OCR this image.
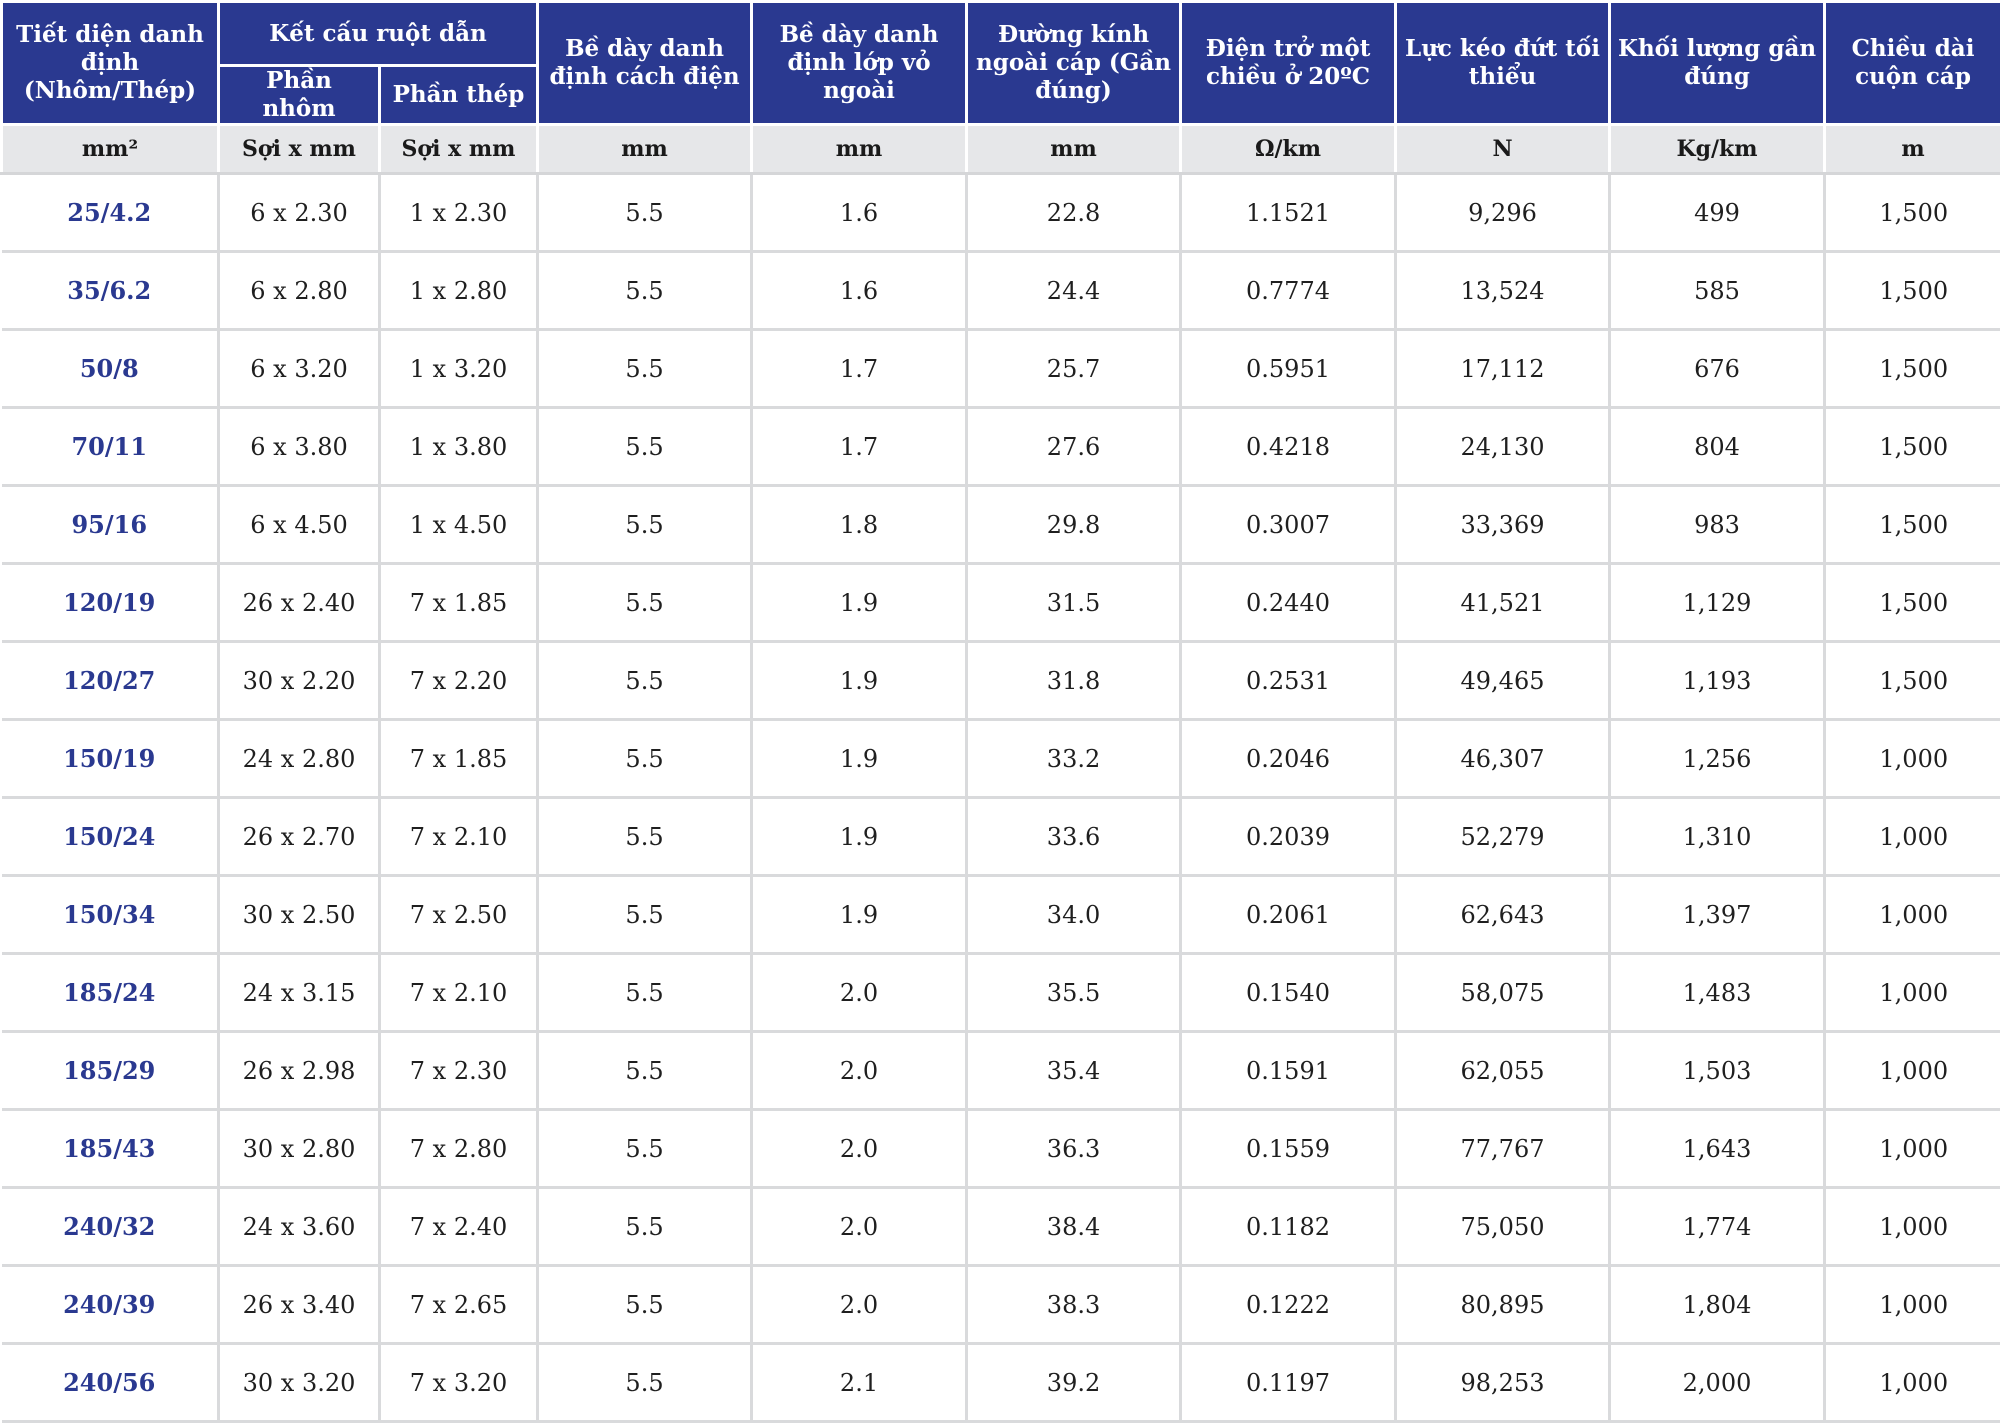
Tiết diện danh định (Nhôm/Thép)	Kết cấu ruột dẫn		Bề dày danh định cách điện	Bề dày danh định lớp vỏ ngoài	Đường kính ngoài cáp (Gần đúng)	Điện trở một chiều ở 20ºC	Lực kéo đứt tối thiểu	Khối lượng gần đúng	Chiều dài cuộn cáp
	Phần nhôm	Phần thép							
mm²	Sợi x mm	Sợi x mm	mm	mm	mm	Ω/km	N	Kg/km	m
25/4.2	6 x 2.30	1 x 2.30	5.5	1.6	22.8	1.1521	9,296	499	1,500
35/6.2	6 x 2.80	1 x 2.80	5.5	1.6	24.4	0.7774	13,524	585	1,500
50/8	6 x 3.20	1 x 3.20	5.5	1.7	25.7	0.5951	17,112	676	1,500
70/11	6 x 3.80	1 x 3.80	5.5	1.7	27.6	0.4218	24,130	804	1,500
95/16	6 x 4.50	1 x 4.50	5.5	1.8	29.8	0.3007	33,369	983	1,500
120/19	26 x 2.40	7 x 1.85	5.5	1.9	31.5	0.2440	41,521	1,129	1,500
120/27	30 x 2.20	7 x 2.20	5.5	1.9	31.8	0.2531	49,465	1,193	1,500
150/19	24 x 2.80	7 x 1.85	5.5	1.9	33.2	0.2046	46,307	1,256	1,000
150/24	26 x 2.70	7 x 2.10	5.5	1.9	33.6	0.2039	52,279	1,310	1,000
150/34	30 x 2.50	7 x 2.50	5.5	1.9	34.0	0.2061	62,643	1,397	1,000
185/24	24 x 3.15	7 x 2.10	5.5	2.0	35.5	0.1540	58,075	1,483	1,000
185/29	26 x 2.98	7 x 2.30	5.5	2.0	35.4	0.1591	62,055	1,503	1,000
185/43	30 x 2.80	7 x 2.80	5.5	2.0	36.3	0.1559	77,767	1,643	1,000
240/32	24 x 3.60	7 x 2.40	5.5	2.0	38.4	0.1182	75,050	1,774	1,000
240/39	26 x 3.40	7 x 2.65	5.5	2.0	38.3	0.1222	80,895	1,804	1,000
240/56	30 x 3.20	7 x 3.20	5.5	2.1	39.2	0.1197	98,253	2,000	1,000
